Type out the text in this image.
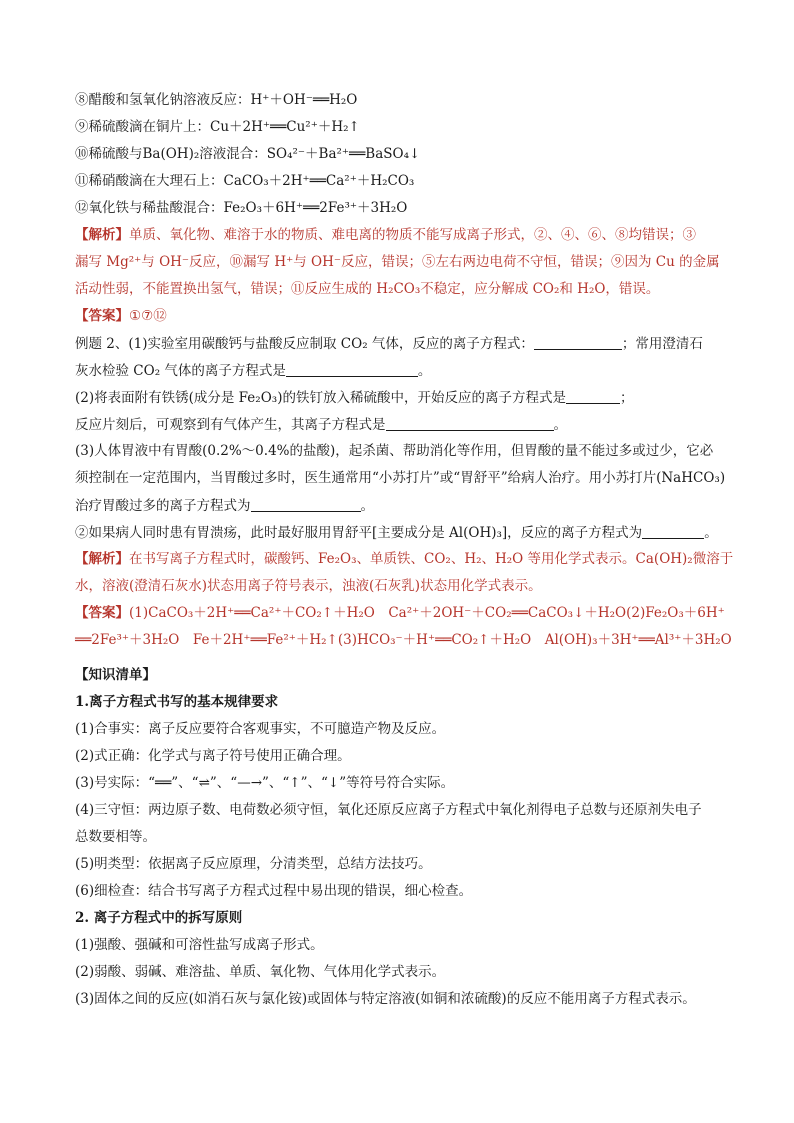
⑧醋酸和氢氧化钠溶液反应：H⁺＋OH⁻══H₂O
⑨稀硫酸滴在铜片上：Cu＋2H⁺══Cu²⁺＋H₂↑
⑩稀硫酸与Ba(OH)₂溶液混合：SO₄²⁻＋Ba²⁺══BaSO₄↓
⑪稀硝酸滴在大理石上：CaCO₃＋2H⁺══Ca²⁺＋H₂CO₃
⑫氧化铁与稀盐酸混合：Fe₂O₃＋6H⁺══2Fe³⁺＋3H₂O
【解析】单质、氧化物、难溶于水的物质、难电离的物质不能写成离子形式，②、④、⑥、⑧均错误；③
漏写 Mg²⁺与 OH⁻反应，⑩漏写 H⁺与 OH⁻反应，错误；⑤左右两边电荷不守恒，错误；⑨因为 Cu 的金属
活动性弱，不能置换出氢气，错误；⑪反应生成的 H₂CO₃不稳定，应分解成 CO₂和 H₂O，错误。
【答案】①⑦⑫
例题 2、(1)实验室用碳酸钙与盐酸反应制取 CO₂ 气体，反应的离子方程式：	；常用澄清石
灰水检验 CO₂ 气体的离子方程式是	。
(2)将表面附有铁锈(成分是 Fe₂O₃)的铁钉放入稀硫酸中，开始反应的离子方程式是	；
反应片刻后，可观察到有气体产生，其离子方程式是	。
(3)人体胃液中有胃酸(0.2%～0.4%的盐酸)，起杀菌、帮助消化等作用，但胃酸的量不能过多或过少，它必
须控制在一定范围内，当胃酸过多时，医生通常用“小苏打片”或“胃舒平”给病人治疗。用小苏打片(NaHCO₃)
治疗胃酸过多的离子方程式为	。
②如果病人同时患有胃溃疡，此时最好服用胃舒平[主要成分是 Al(OH)₃]，反应的离子方程式为	。
【解析】在书写离子方程式时，碳酸钙、Fe₂O₃、单质铁、CO₂、H₂、H₂O 等用化学式表示。Ca(OH)₂微溶于
水，溶液(澄清石灰水)状态用离子符号表示，浊液(石灰乳)状态用化学式表示。
【答案】(1)CaCO₃＋2H⁺══Ca²⁺＋CO₂↑＋H₂O　Ca²⁺＋2OH⁻＋CO₂══CaCO₃↓＋H₂O(2)Fe₂O₃＋6H⁺
══2Fe³⁺＋3H₂O　Fe＋2H⁺══Fe²⁺＋H₂↑(3)HCO₃⁻＋H⁺══CO₂↑＋H₂O　Al(OH)₃＋3H⁺══Al³⁺＋3H₂O
【知识清单】
1.离子方程式书写的基本规律要求
(1)合事实：离子反应要符合客观事实，不可臆造产物及反应。
(2)式正确：化学式与离子符号使用正确合理。
(3)号实际：“══”、“⇌”、“—→”、“↑”、“↓”等符号符合实际。
(4)三守恒：两边原子数、电荷数必须守恒，氧化还原反应离子方程式中氧化剂得电子总数与还原剂失电子
总数要相等。
(5)明类型：依据离子反应原理，分清类型，总结方法技巧。
(6)细检查：结合书写离子方程式过程中易出现的错误，细心检查。
2. 离子方程式中的拆写原则
(1)强酸、强碱和可溶性盐写成离子形式。
(2)弱酸、弱碱、难溶盐、单质、氧化物、气体用化学式表示。
(3)固体之间的反应(如消石灰与氯化铵)或固体与特定溶液(如铜和浓硫酸)的反应不能用离子方程式表示。
